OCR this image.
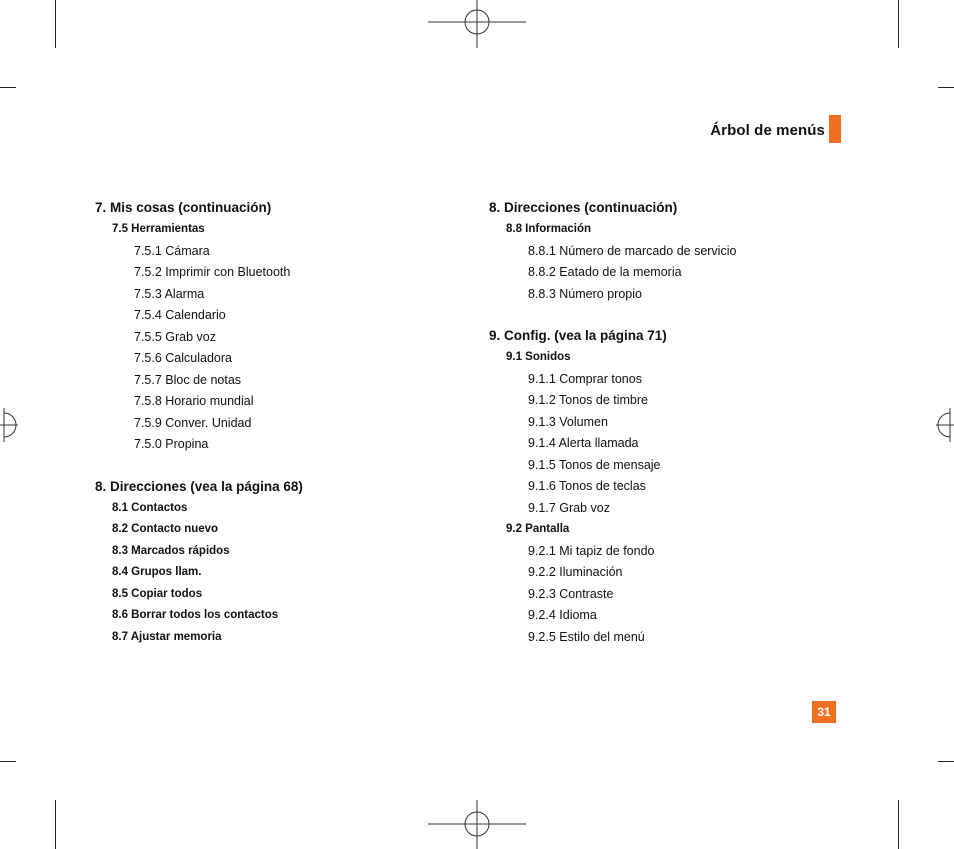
Árbol de menús
7. Mis cosas (continuación)
7.5 Herramientas
7.5.1 Cámara
7.5.2 Imprimir con Bluetooth
7.5.3 Alarma
7.5.4 Calendario
7.5.5 Grab voz
7.5.6 Calculadora
7.5.7 Bloc de notas
7.5.8 Horario mundial
7.5.9 Conver. Unidad
7.5.0 Propina
8. Direcciones (vea la página 68)
8.1 Contactos
8.2 Contacto nuevo
8.3 Marcados rápidos
8.4 Grupos llam.
8.5 Copiar todos
8.6 Borrar todos los contactos
8.7 Ajustar memoria
8. Direcciones (continuación)
8.8 Información
8.8.1 Número de marcado de servicio
8.8.2 Eatado de la memoria
8.8.3 Número propio
9. Config. (vea la página 71)
9.1 Sonidos
9.1.1 Comprar tonos
9.1.2 Tonos de timbre
9.1.3 Volumen
9.1.4 Alerta llamada
9.1.5 Tonos de mensaje
9.1.6 Tonos de teclas
9.1.7 Grab voz
9.2 Pantalla
9.2.1 Mi tapiz de fondo
9.2.2 Iluminación
9.2.3 Contraste
9.2.4 Idioma
9.2.5 Estilo del menú
31
